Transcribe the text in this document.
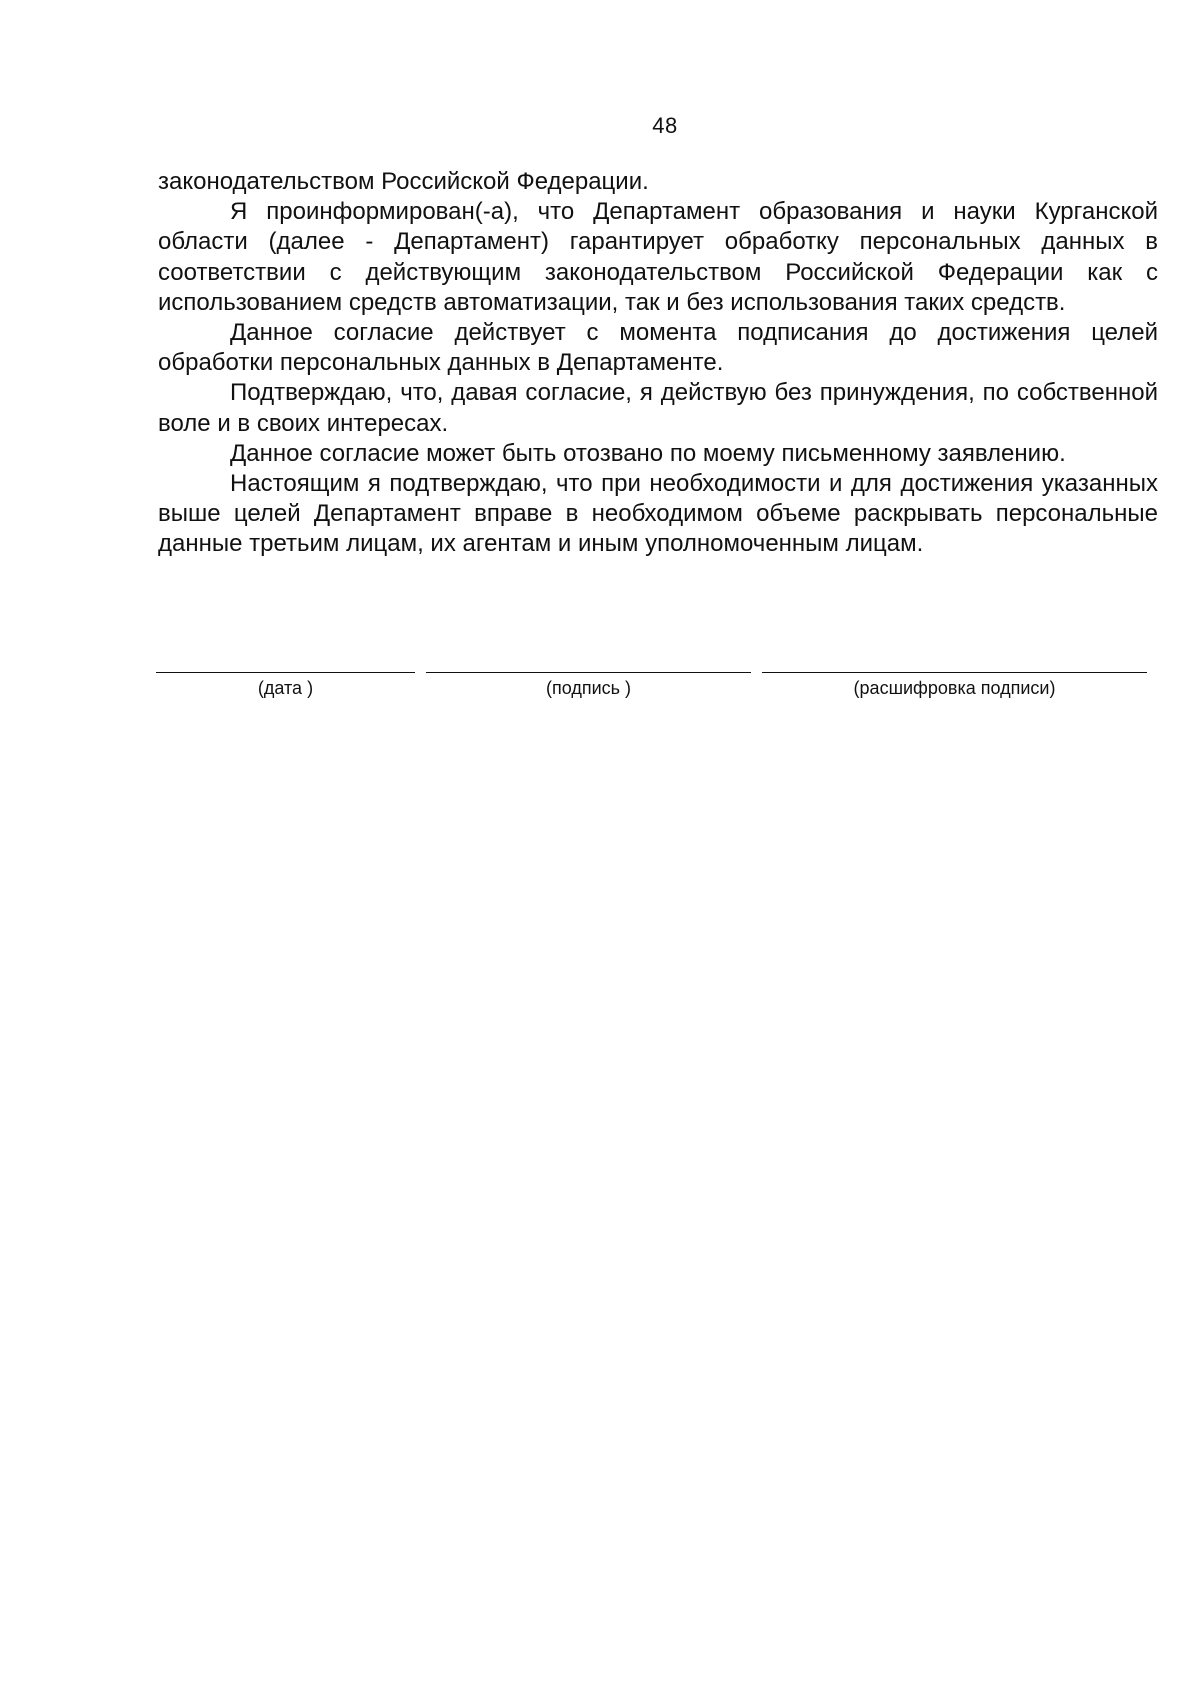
48

законодательством Российской Федерации.

Я проинформирован(-а), что Департамент образования и науки Курганской области (далее - Департамент) гарантирует обработку персональных данных в соответствии с действующим законодательством Российской Федерации как с использованием средств автоматизации, так и без использования таких средств.

Данное согласие действует с момента подписания до достижения целей обработки персональных данных в Департаменте.

Подтверждаю, что, давая согласие, я действую без принуждения, по собственной воле и в своих интересах.

Данное согласие может быть отозвано по моему письменному заявлению.

Настоящим я подтверждаю, что при необходимости и для достижения указанных выше целей Департамент вправе в необходимом объеме раскрывать персональные данные третьим лицам, их агентам и иным уполномоченным лицам.

(дата )	(подпись )	(расшифровка подписи)
